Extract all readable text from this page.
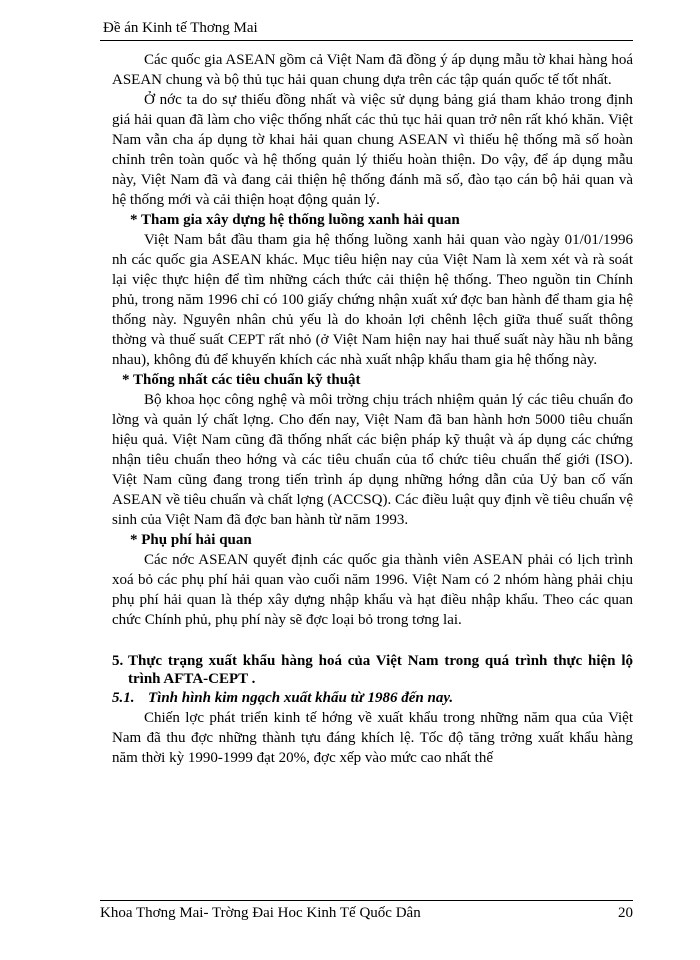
Đề án Kinh tế Thơng Mai

Các quốc gia ASEAN gồm cả Việt Nam đã đồng ý áp dụng mẫu tờ khai hàng hoá ASEAN chung và bộ thủ tục hải quan chung dựa trên các tập quán quốc tế tốt nhất.

Ở nớc ta do sự thiếu đồng nhất và việc sử dụng bảng giá tham khảo trong định giá hải quan đã làm cho việc thống nhất các thủ tục hải quan trở nên rất khó khăn. Việt Nam vẫn cha áp dụng tờ khai hải quan chung ASEAN vì thiếu hệ thống mã số hoàn chỉnh trên toàn quốc và hệ thống quản lý thiếu hoàn thiện. Do vậy, để áp dụng mẫu này, Việt Nam đã và đang cải thiện hệ thống đánh mã số, đào tạo cán bộ hải quan và hệ thống mới và cải thiện hoạt động quản lý.

* Tham gia xây dựng hệ thống luồng xanh hải quan

Việt Nam bắt đầu tham gia hệ thống luồng xanh hải quan vào ngày 01/01/1996 nh các quốc gia ASEAN khác. Mục tiêu hiện nay của Việt Nam là xem xét và rà soát lại việc thực hiện để tìm những cách thức cải thiện hệ thống. Theo nguồn tin Chính phủ, trong năm 1996 chỉ có 100 giấy chứng nhận xuất xứ đợc ban hành để tham gia hệ thống này. Nguyên nhân chủ yếu là do khoản lợi chênh lệch giữa thuế suất thông thờng và thuế suất CEPT rất nhỏ (ở Việt Nam hiện nay hai thuế suất này hầu nh bằng nhau), không đủ để khuyến khích các nhà xuất nhập khẩu tham gia hệ thống này.

* Thống nhất các tiêu chuẩn kỹ thuật

Bộ khoa học công nghệ và môi trờng chịu trách nhiệm quản lý các tiêu chuẩn đo lờng và quản lý chất lợng. Cho đến nay, Việt Nam đã ban hành hơn 5000 tiêu chuẩn hiệu quả. Việt Nam cũng đã thống nhất các biện pháp kỹ thuật và áp dụng các chứng nhận tiêu chuẩn theo hớng và các tiêu chuẩn của tổ chức tiêu chuẩn thế giới (ISO). Việt Nam cũng đang trong tiến trình áp dụng những hớng dẫn của Uỷ ban cố vấn ASEAN về tiêu chuẩn và chất lợng (ACCSQ). Các điều luật quy định về tiêu chuẩn vệ sinh của Việt Nam đã đợc ban hành từ năm 1993.

* Phụ phí hải quan

Các nớc ASEAN quyết định các quốc gia thành viên ASEAN phải có lịch trình xoá bỏ các phụ phí hải quan vào cuối năm 1996. Việt Nam có 2 nhóm hàng phải chịu phụ phí hải quan là thép xây dựng nhập khẩu và hạt điều nhập khẩu. Theo các quan chức Chính phủ, phụ phí này sẽ đợc loại bỏ trong tơng lai.

5. Thực trạng xuất khẩu hàng hoá của Việt Nam trong quá trình thực hiện lộ trình AFTA-CEPT .

5.1. Tình hình kim ngạch xuất khẩu từ 1986 đến nay.

Chiến lợc phát triển kinh tế hớng về xuất khẩu trong những năm qua của Việt Nam đã thu đợc những thành tựu đáng khích lệ. Tốc độ tăng trởng xuất khẩu hàng năm thời kỳ 1990-1999 đạt 20%, đợc xếp vào mức cao nhất thế

Khoa Thơng Mai- Trờng Đai Hoc Kinh Tế Quốc Dân	20
